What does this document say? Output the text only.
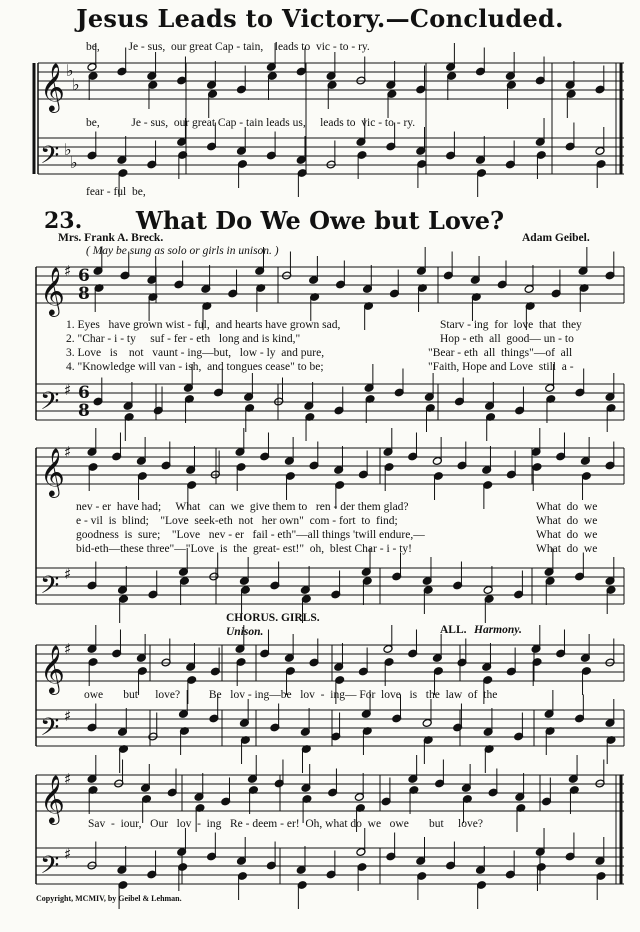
Jesus Leads to Victory.—Concluded.
𝄞
𝄢
𝄞
𝄢
𝄞
𝄢
𝄞
𝄢
𝄞
𝄢
♭
♭
♭
♭
♯
♯
♯
♯
♯
♯
♯
♯
6
8
6
8
be,          Je - sus,  our great Cap - tain,    leads to  vic - to - ry.
be,           Je - sus,  our great Cap - tain leads us,     leads to  vic - to - ry.
fear - ful  be,
23.	What Do We Owe but Love?
Mrs. Frank A. Breck.	Adam Geibel.
( May be sung as solo or girls in unison. )
1. Eyes   have grown wist - ful,  and hearts have grown sad,
2. "Char - i - ty     suf - fer - eth   long and is kind,"
3. Love   is    not   vaunt - ing—but,   low - ly  and pure,
4. "Knowledge will van - ish,  and tongues cease" to be;
Starv - ing  for  love  that  they
Hop - eth  all  good— un - to
"Bear - eth  all  things"—of  all
"Faith, Hope and Love  still  a -
nev - er  have had;     What   can  we  give them to   ren - der them glad?
e - vil  is  blind;    "Love  seek-eth  not   her own"  com - fort  to  find;
goodness  is  sure;    "Love   nev - er   fail - eth"—all things 'twill endure,—
bid-eth—these three"—"Love  is  the  great- est!"  oh,  blest Char - i - ty!
What  do  we
What  do  we
What  do  we
What  do  we
CHORUS. GIRLS.
Unison.	ALL. Harmony.
owe       but      love?          Be   lov - ing—be   lov  -  ing— For  love   is   the  law  of  the
Sav  -  iour,   Our   lov  -  ing   Re - deem - er!  Oh, what do  we   owe       but     love?
Copyright, MCMIV, by Geibel & Lehman.
